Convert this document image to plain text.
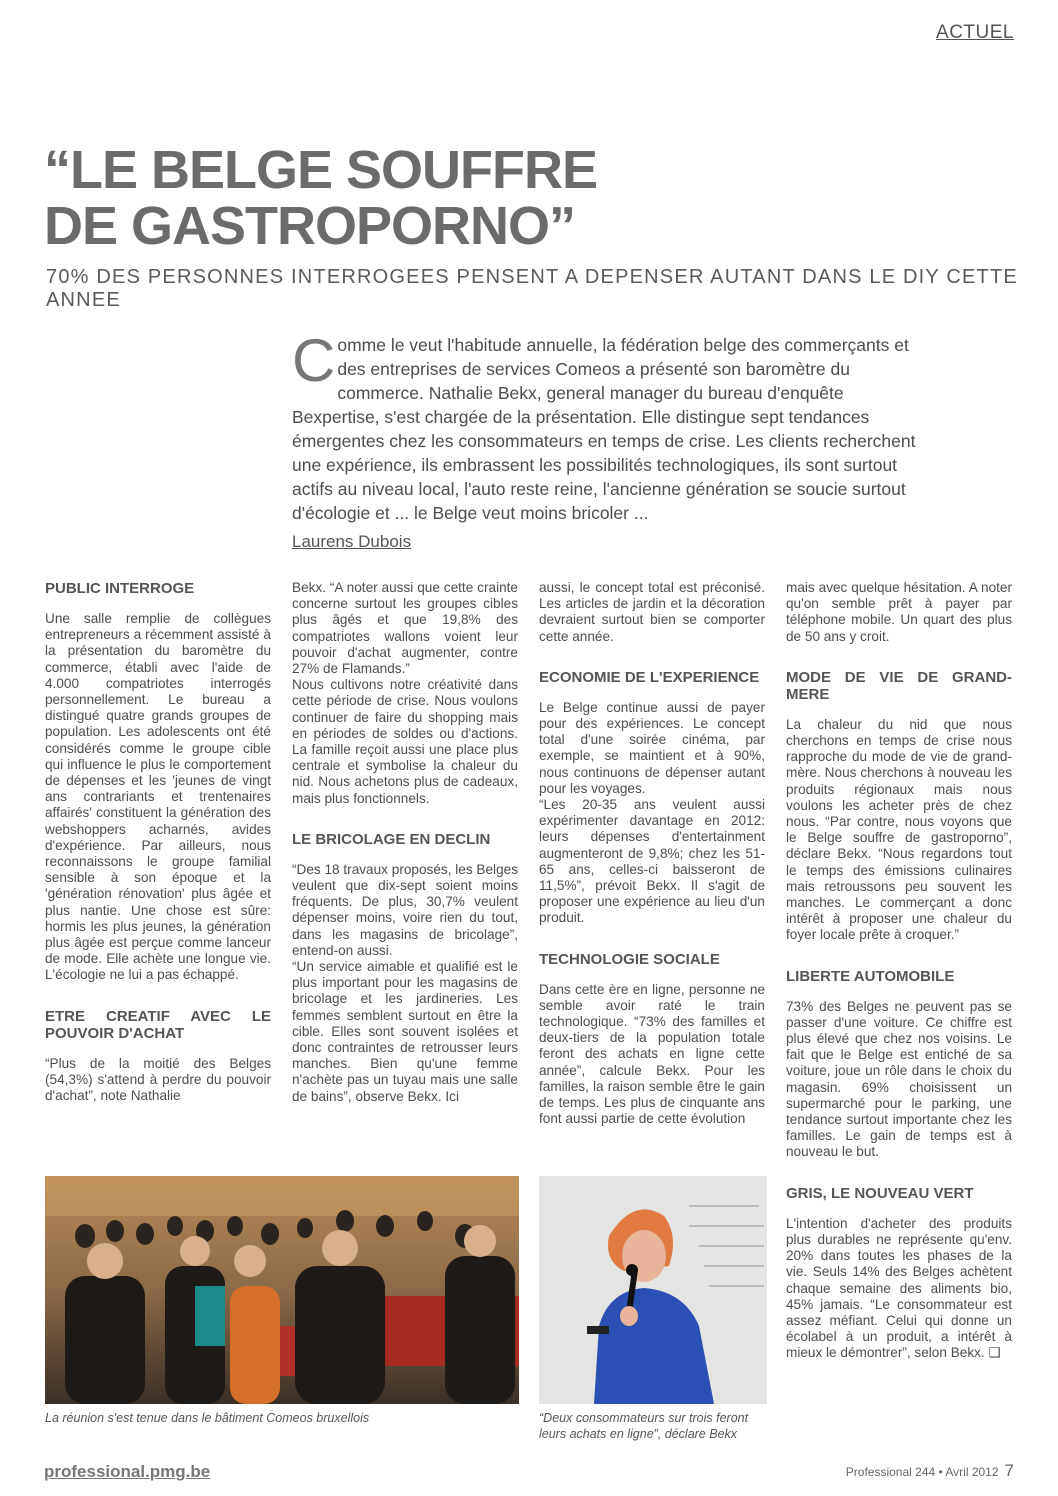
ACTUEL
“LE BELGE SOUFFRE
DE GASTROPORNO”

70% DES PERSONNES INTERROGEES PENSENT A DEPENSER AUTANT DANS LE DIY CETTE ANNEE

Comme le veut l'habitude annuelle, la fédération belge des commerçants et des entreprises de services Comeos a présenté son baromètre du commerce. Nathalie Bekx, general manager du bureau d'enquête Bexpertise, s'est chargée de la présentation. Elle distingue sept tendances émergentes chez les consommateurs en temps de crise. Les clients recherchent une expérience, ils embrassent les possibilités technologiques, ils sont surtout actifs au niveau local, l'auto reste reine, l'ancienne génération se soucie surtout d'écologie et ... le Belge veut moins bricoler ...

Laurens Dubois
PUBLIC INTERROGE

Une salle remplie de collègues entrepreneurs a récemment assisté à la présentation du baromètre du commerce, établi avec l'aide de 4.000 compatriotes interrogés personnellement. Le bureau a distingué quatre grands groupes de population. Les adolescents ont été considérés comme le groupe cible qui influence le plus le comportement de dépenses et les 'jeunes de vingt ans contrariants et trentenaires affairés' constituent la génération des webshoppers acharnés, avides d'expérience. Par ailleurs, nous reconnaissons le groupe familial sensible à son époque et la 'génération rénovation' plus âgée et plus nantie. Une chose est sûre: hormis les plus jeunes, la génération plus âgée est perçue comme lanceur de mode. Elle achète une longue vie. L'écologie ne lui a pas échappé.

ETRE CREATIF AVEC LE POUVOIR D'ACHAT

“Plus de la moitié des Belges (54,3%) s'attend à perdre du pouvoir d'achat”, note Nathalie

Bekx. “A noter aussi que cette crainte concerne surtout les groupes cibles plus âgés et que 19,8% des compatriotes wallons voient leur pouvoir d'achat augmenter, contre 27% de Flamands.”

Nous cultivons notre créativité dans cette période de crise. Nous voulons continuer de faire du shopping mais en périodes de soldes ou d'actions. La famille reçoit aussi une place plus centrale et symbolise la chaleur du nid. Nous achetons plus de cadeaux, mais plus fonctionnels.

LE BRICOLAGE EN DECLIN

“Des 18 travaux proposés, les Belges veulent que dix-sept soient moins fréquents. De plus, 30,7% veulent dépenser moins, voire rien du tout, dans les magasins de bricolage”, entend-on aussi.

“Un service aimable et qualifié est le plus important pour les magasins de bricolage et les jardineries. Les femmes semblent surtout en être la cible. Elles sont souvent isolées et donc contraintes de retrousser leurs manches. Bien qu'une femme n'achète pas un tuyau mais une salle de bains”, observe Bekx. Ici

aussi, le concept total est préconisé. Les articles de jardin et la décoration devraient surtout bien se comporter cette année.

ECONOMIE DE L'EXPERIENCE

Le Belge continue aussi de payer pour des expériences. Le concept total d'une soirée cinéma, par exemple, se maintient et à 90%, nous continuons de dépenser autant pour les voyages.

“Les 20-35 ans veulent aussi expérimenter davantage en 2012: leurs dépenses d'entertainment augmenteront de 9,8%; chez les 51-65 ans, celles-ci baisseront de 11,5%”, prévoit Bekx. Il s'agit de proposer une expérience au lieu d'un produit.

TECHNOLOGIE SOCIALE

Dans cette ère en ligne, personne ne semble avoir raté le train technologique. “73% des familles et deux-tiers de la population totale feront des achats en ligne cette année”, calcule Bekx. Pour les familles, la raison semble être le gain de temps. Les plus de cinquante ans font aussi partie de cette évolution

mais avec quelque hésitation. A noter qu'on semble prêt à payer par téléphone mobile. Un quart des plus de 50 ans y croit.

MODE DE VIE DE GRAND-MERE

La chaleur du nid que nous cherchons en temps de crise nous rapproche du mode de vie de grand-mère. Nous cherchons à nouveau les produits régionaux mais nous voulons les acheter près de chez nous. “Par contre, nous voyons que le Belge souffre de gastroporno”, déclare Bekx. “Nous regardons tout le temps des émissions culinaires mais retroussons peu souvent les manches. Le commerçant a donc intérêt à proposer une chaleur du foyer locale prête à croquer.”

LIBERTE AUTOMOBILE

73% des Belges ne peuvent pas se passer d'une voiture. Ce chiffre est plus élevé que chez nos voisins. Le fait que le Belge est entiché de sa voiture, joue un rôle dans le choix du magasin. 69% choisissent un supermarché pour le parking, une tendance surtout importante chez les familles. Le gain de temps est à nouveau le but.

GRIS, LE NOUVEAU VERT

L'intention d'acheter des produits plus durables ne représente qu'env. 20% dans toutes les phases de la vie. Seuls 14% des Belges achètent chaque semaine des aliments bio, 45% jamais. “Le consommateur est assez méfiant. Celui qui donne un écolabel à un produit, a intérêt à mieux le démontrer”, selon Bekx. ❑

La réunion s'est tenue dans le bâtiment Comeos bruxellois	“Deux consommateurs sur trois feront leurs achats en ligne”, déclare Bekx
professional.pmg.be	Professional 244 • Avril 2012 7
